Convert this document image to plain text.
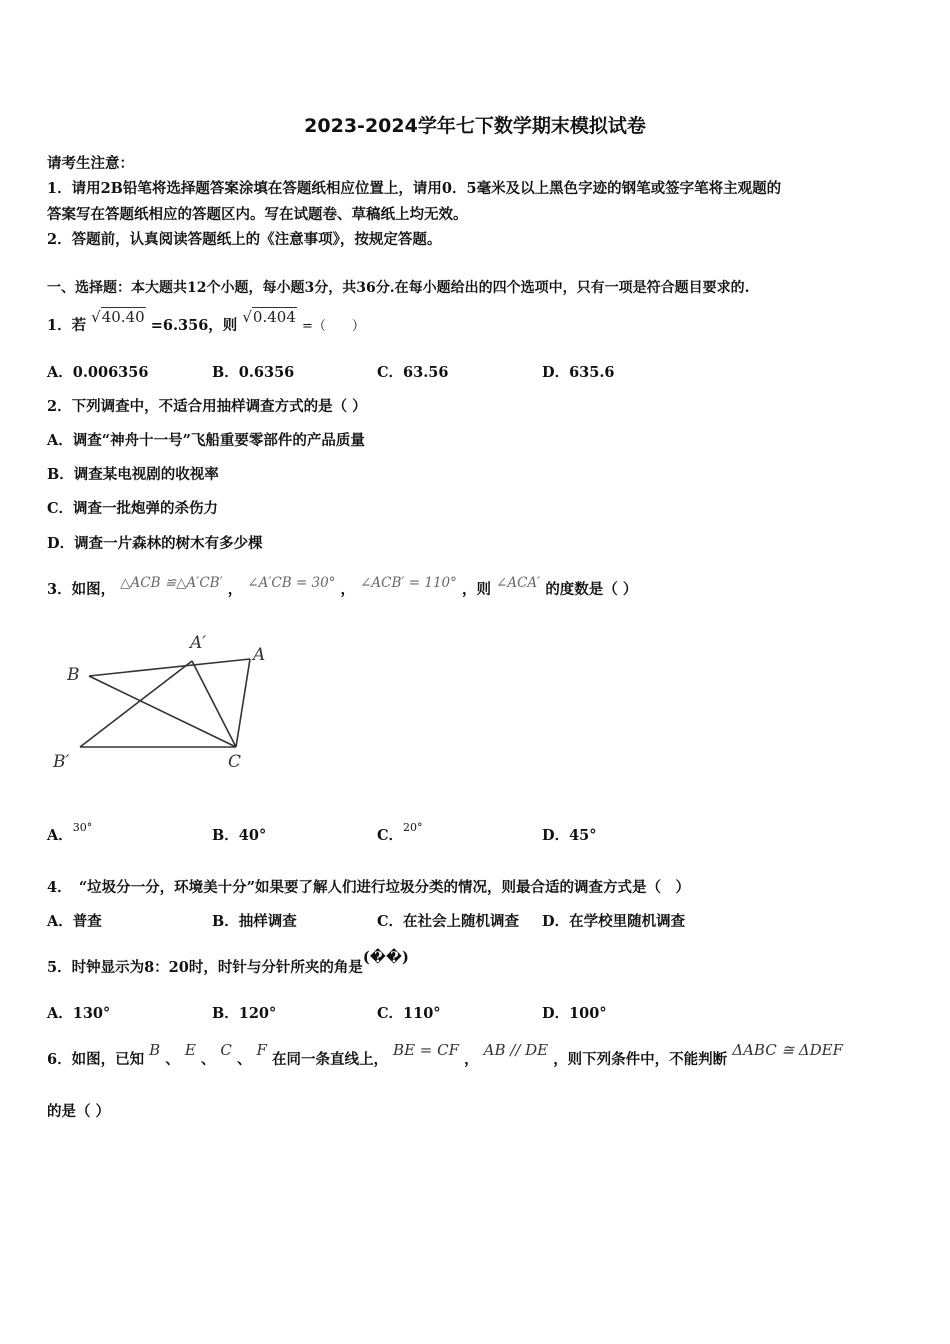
2023-2024学年七下数学期末模拟试卷
请考生注意：
1．请用2B铅笔将选择题答案涂填在答题纸相应位置上，请用0．5毫米及以上黑色字迹的钢笔或签字笔将主观题的
答案写在答题纸相应的答题区内。写在试题卷、草稿纸上均无效。
2．答题前，认真阅读答题纸上的《注意事项》，按规定答题。
一、选择题：本大题共12个小题，每小题3分，共36分.在每小题给出的四个选项中，只有一项是符合题目要求的.
1．若 √40.40 =6.356，则 √0.404 =（　　）
A．0.006356	B．0.6356	C．63.56	D．635.6
2．下列调查中，不适合用抽样调查方式的是（ ）
A．调查“神舟十一号”飞船重要零部件的产品质量
B．调查某电视剧的收视率
C．调查一批炮弹的杀伤力
D．调查一片森林的树木有多少棵
3．如图， △ACB ≌△A′CB′ ， ∠A′CB = 30° ， ∠ACB′ = 110° ，则 ∠ACA′ 的度数是（ ）
B
A′
A
B′	C
A．$^{30^\circ}$	B．40°	C．$^{20^\circ}$	D．45°
4．　“垃圾分一分，环境美十分”如果要了解人们进行垃圾分类的情况，则最合适的调查方式是（　）
A．普查	B．抽样调查	C．在社会上随机调查 D．在学校里随机调查
5．时钟显示为8：20时，时针与分针所夹的角是(��)
A．130°	B．120°	C．110°	D．100°
6．如图，已知 B 、 E 、 C 、 F 在同一条直线上， BE = CF ， AB // DE ，则下列条件中，不能判断 ΔABC ≅ ΔDEF
的是（ ）
